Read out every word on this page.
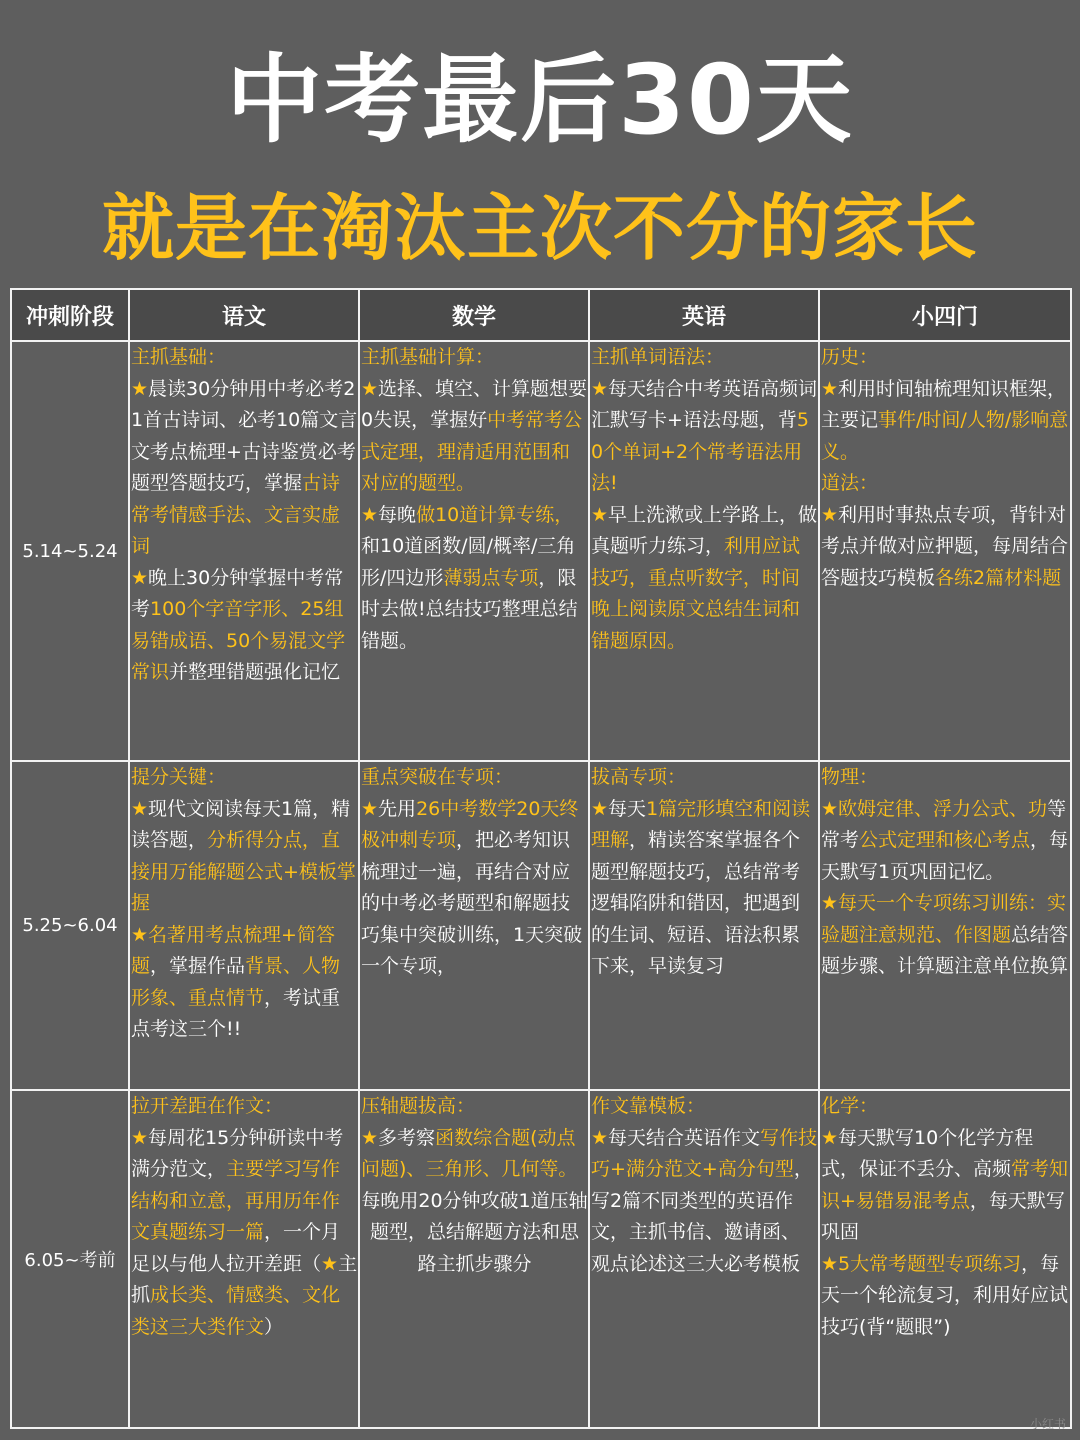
中考最后30天
就是在淘汰主次不分的家长
冲刺阶段	语文	数学	英语	小四门
5.14~5.24	主抓基础：
★晨读30分钟用中考必考21首古诗词、必考10篇文言文考点梳理+古诗鉴赏必考题型答题技巧，掌握古诗常考情感手法、文言实虚词
★晚上30分钟掌握中考常考100个字音字形、25组易错成语、50个易混文学常识并整理错题强化记忆	主抓基础计算：
★选择、填空、计算题想要0失误，掌握好中考常考公式定理，理清适用范围和对应的题型。
★每晚做10道计算专练，和10道函数/圆/概率/三角形/四边形薄弱点专项，限时去做!总结技巧整理总结错题。	主抓单词语法：
★每天结合中考英语高频词汇默写卡+语法母题，背50个单词+2个常考语法用法!
★早上洗漱或上学路上，做真题听力练习，利用应试技巧，重点听数字，时间晚上阅读原文总结生词和错题原因。	历史：
★利用时间轴梳理知识框架，主要记事件/时间/人物/影响意义。
道法：
★利用时事热点专项，背针对考点并做对应押题，每周结合答题技巧模板各练2篇材料题
5.25~6.04	提分关键：
★现代文阅读每天1篇，精读答题，分析得分点，直接用万能解题公式+模板掌握
★名著用考点梳理+简答题，掌握作品背景、人物形象、重点情节，考试重点考这三个!!	重点突破在专项：
★先用26中考数学20天终极冲刺专项，把必考知识梳理过一遍，再结合对应的中考必考题型和解题技巧集中突破训练，1天突破一个专项，	拔高专项：
★每天1篇完形填空和阅读理解，精读答案掌握各个题型解题技巧，总结常考逻辑陷阱和错因，把遇到的生词、短语、语法积累下来，早读复习	物理：
★欧姆定律、浮力公式、功等常考公式定理和核心考点，每天默写1页巩固记忆。
★每天一个专项练习训练：实验题注意规范、作图题总结答题步骤、计算题注意单位换算
6.05~考前	拉开差距在作文：
★每周花15分钟研读中考满分范文，主要学习写作结构和立意，再用历年作文真题练习一篇，一个月足以与他人拉开差距（★主抓成长类、情感类、文化类这三大类作文）	压轴题拔高：
★多考察函数综合题(动点问题)、三角形、几何等。
每晚用20分钟攻破1道压轴题型，总结解题方法和思路主抓步骤分	作文靠模板：
★每天结合英语作文写作技巧+满分范文+高分句型，写2篇不同类型的英语作文，主抓书信、邀请函、观点论述这三大必考模板	化学：
★每天默写10个化学方程式，保证不丢分、高频常考知识+易错易混考点，每天默写巩固
★5大常考题型专项练习，每天一个轮流复习，利用好应试技巧(背“题眼”)
小红书
